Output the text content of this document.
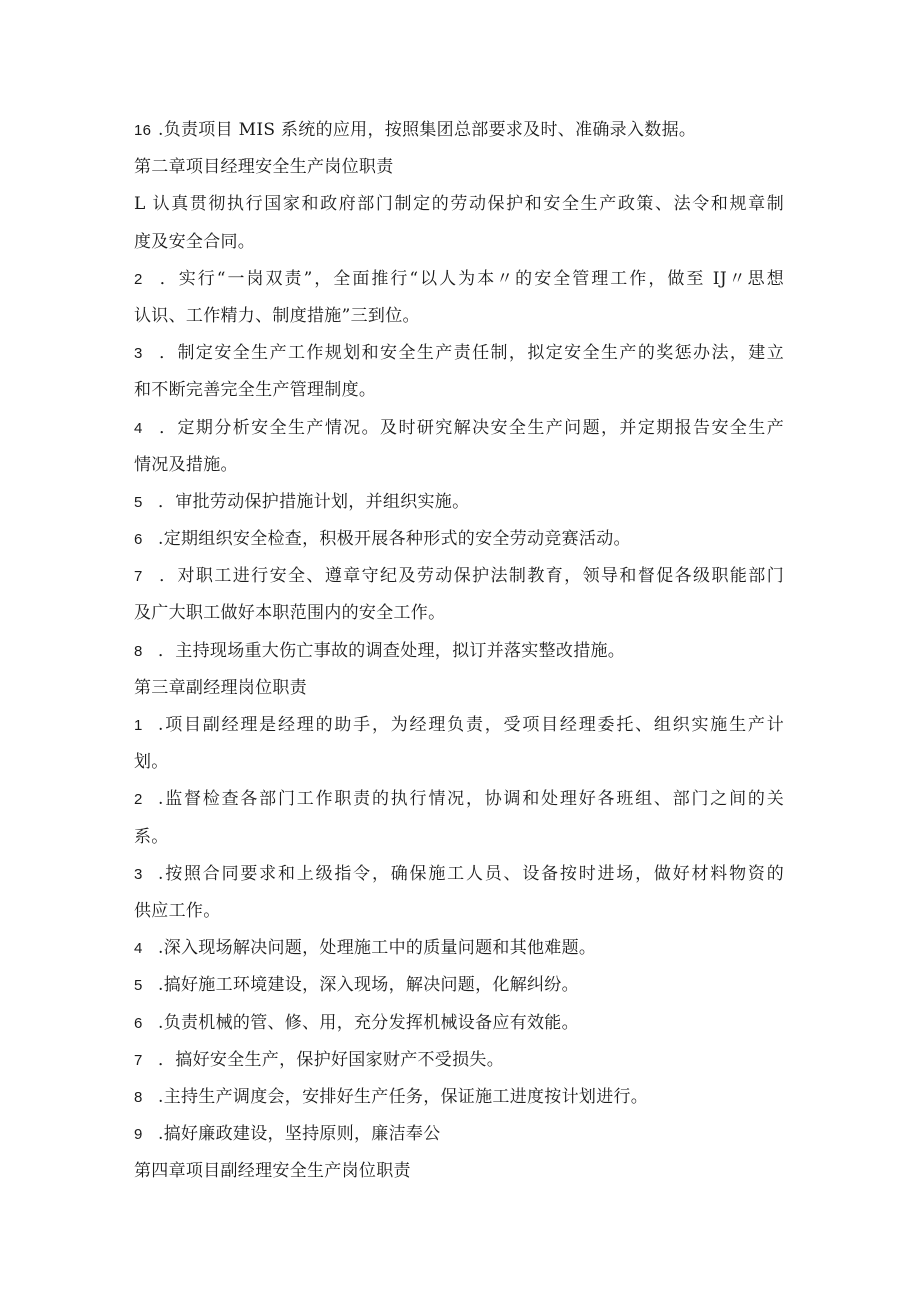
16 .负责项目 MIS 系统的应用，按照集团总部要求及时、准确录入数据。
第二章项目经理安全生产岗位职责
L 认真贯彻执行国家和政府部门制定的劳动保护和安全生产政策、法令和规章制
度及安全合同。
2 ．实行“一岗双责”，全面推行“以人为本〃的安全管理工作，做至 IJ〃思想
认识、工作精力、制度措施”三到位。
3 ．制定安全生产工作规划和安全生产责任制，拟定安全生产的奖惩办法，建立
和不断完善完全生产管理制度。
4 ．定期分析安全生产情况。及时研究解决安全生产问题，并定期报告安全生产
情况及措施。
5 ．审批劳动保护措施计划，并组织实施。
6 .定期组织安全检查，积极开展各种形式的安全劳动竞赛活动。
7 ．对职工进行安全、遵章守纪及劳动保护法制教育，领导和督促各级职能部门
及广大职工做好本职范围内的安全工作。
8 ．主持现场重大伤亡事故的调查处理，拟订并落实整改措施。
第三章副经理岗位职责
1 .项目副经理是经理的助手，为经理负责，受项目经理委托、组织实施生产计
划。
2 .监督检查各部门工作职责的执行情况，协调和处理好各班组、部门之间的关
系。
3 .按照合同要求和上级指令，确保施工人员、设备按时进场，做好材料物资的
供应工作。
4 .深入现场解决问题，处理施工中的质量问题和其他难题。
5 .搞好施工环境建设，深入现场，解决问题，化解纠纷。
6 .负责机械的管、修、用，充分发挥机械设备应有效能。
7 ．搞好安全生产，保护好国家财产不受损失。
8 .主持生产调度会，安排好生产任务，保证施工进度按计划进行。
9 .搞好廉政建设，坚持原则，廉洁奉公
第四章项目副经理安全生产岗位职责
